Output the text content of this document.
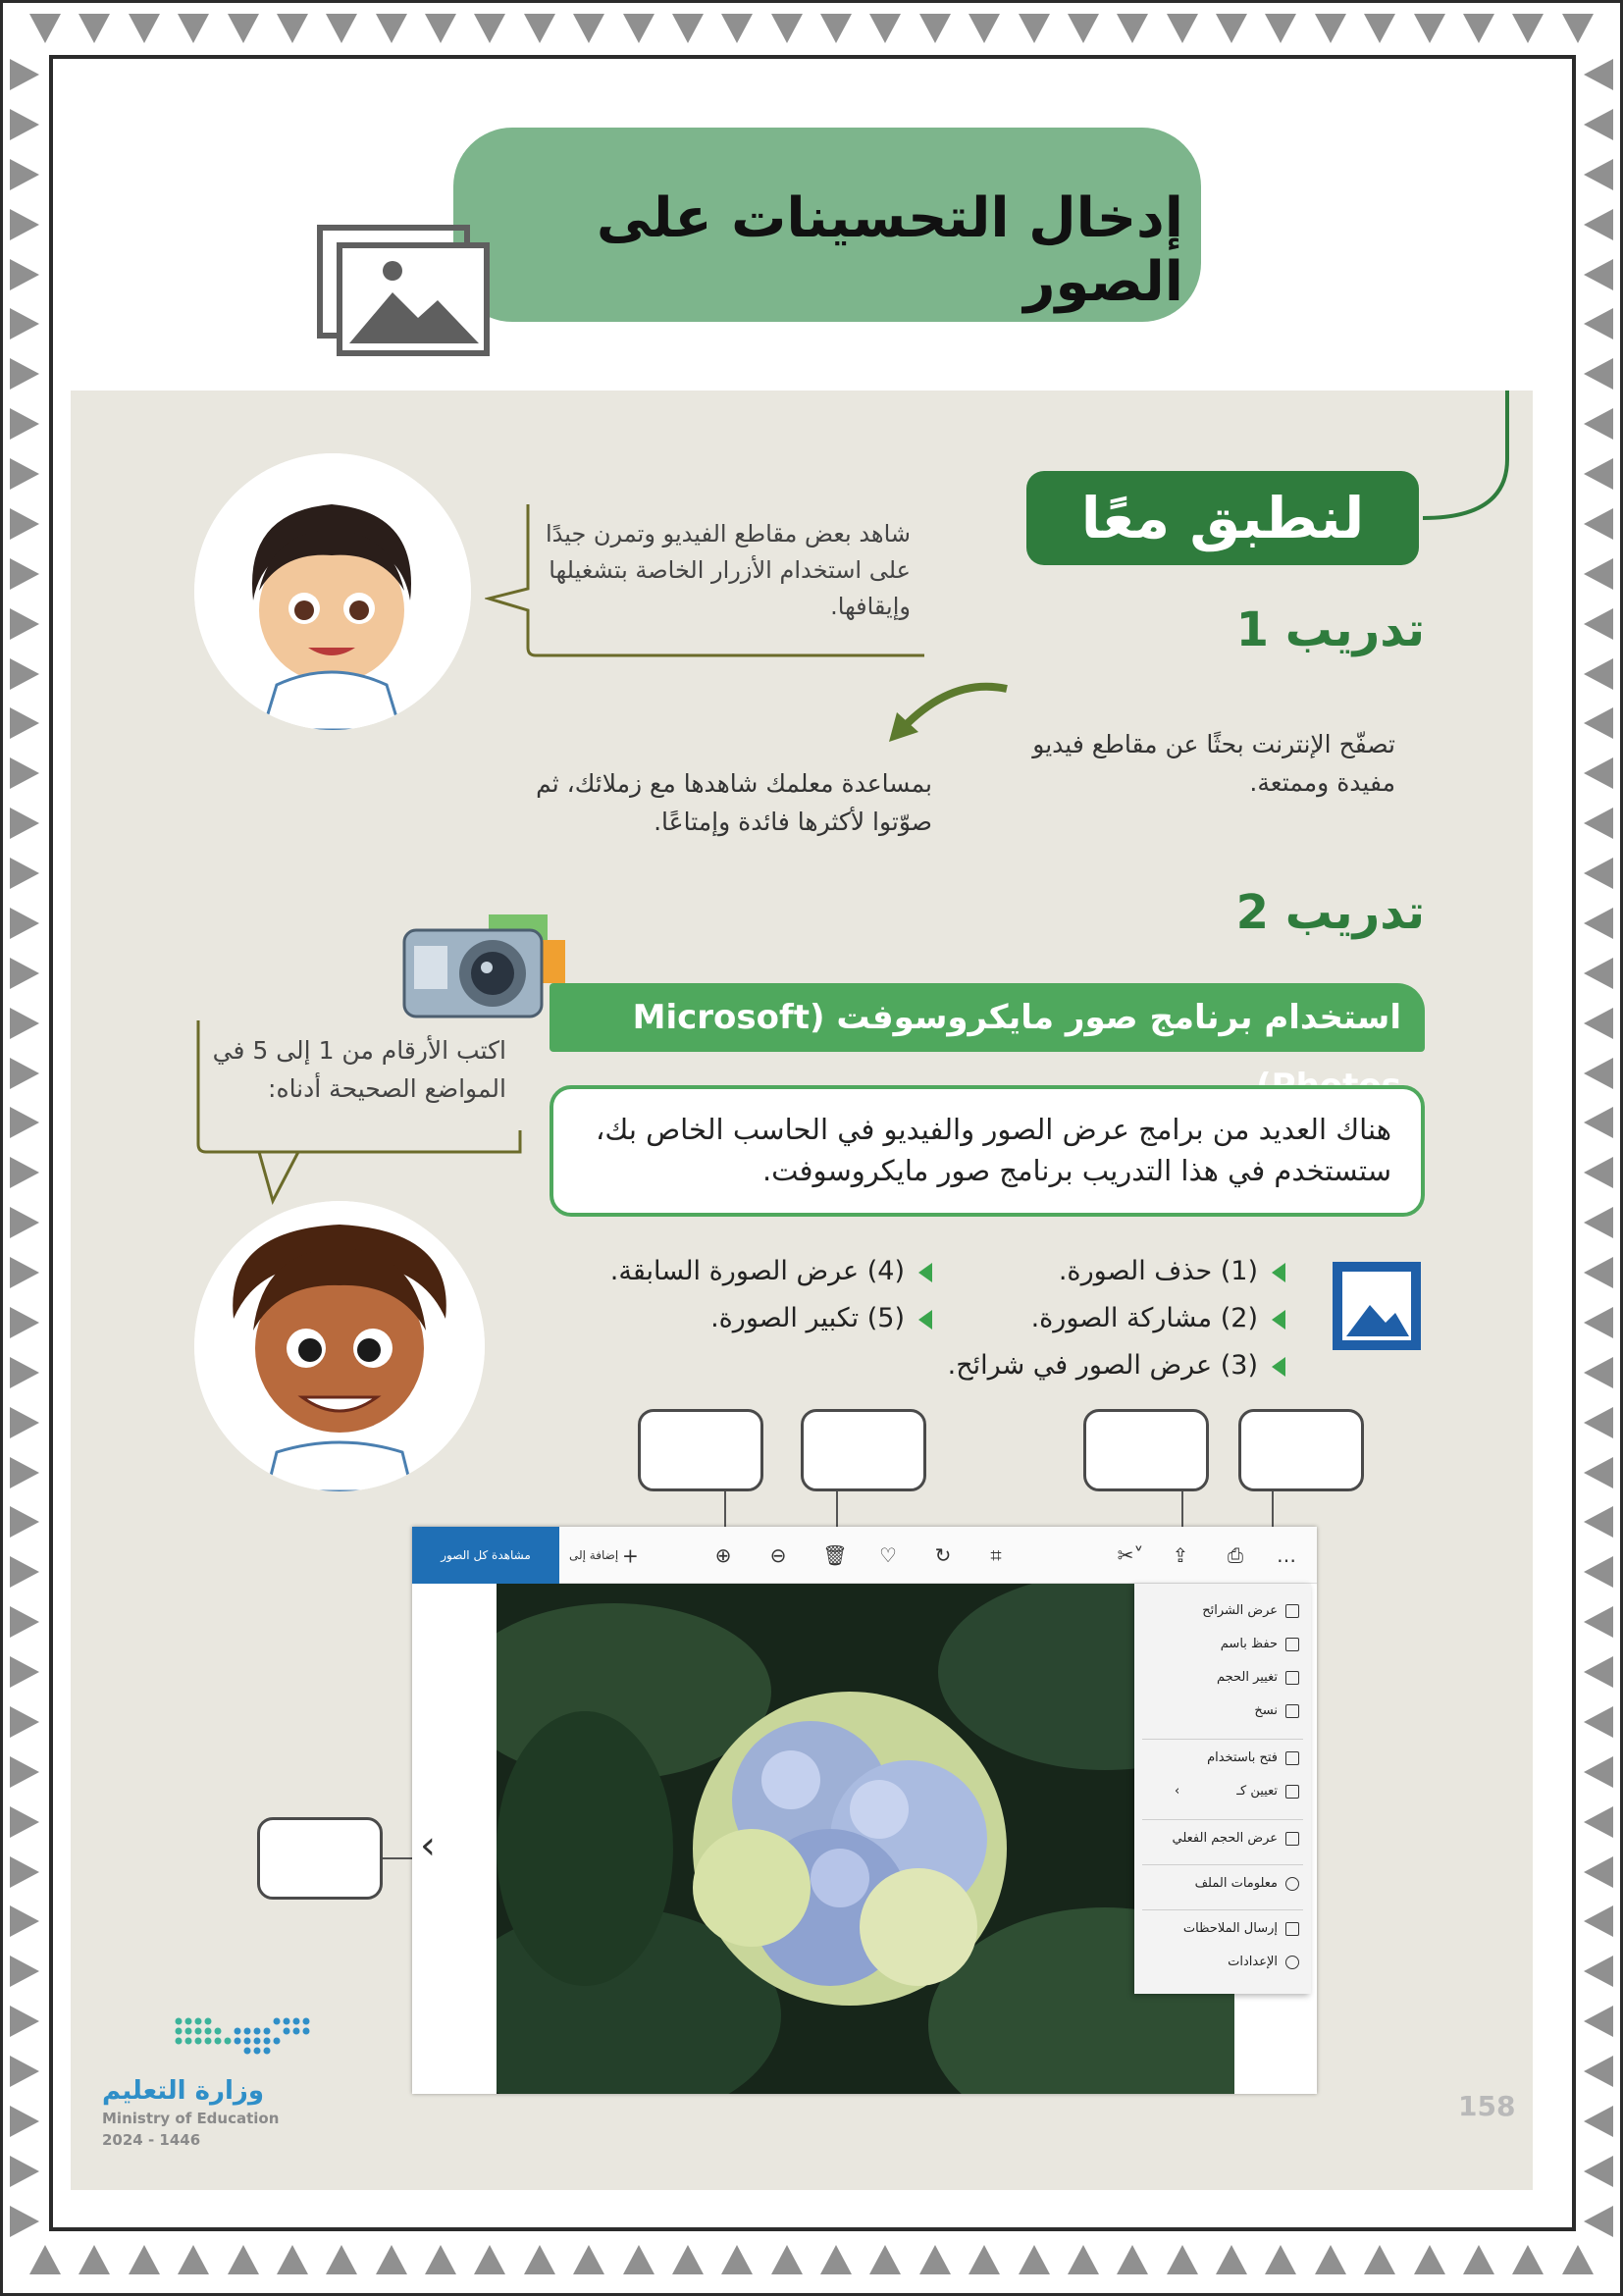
إدخال التحسينات على الصور
لنطبق معًا
تدريب 1
تصفّح الإنترنت بحثًا عن مقاطع فيديو مفيدة وممتعة.
بمساعدة معلمك شاهدها مع زملائك، ثم صوّتوا لأكثرها فائدة وإمتاعًا.
شاهد بعض مقاطع الفيديو وتمرن جيدًا على استخدام الأزرار الخاصة بتشغيلها وإيقافها.
تدريب 2
استخدام برنامج صور مايكروسوفت (Microsoft
هناك العديد من برامج عرض الصور والفيديو في الحاسب الخاص بك، ستستخدم في هذا التدريب برنامج صور مايكروسوفت.
اكتب الأرقام من 1 إلى 5 في المواضع الصحيحة أدناه:
(1) حذف الصورة.
(2) مشاركة الصورة.
(3) عرض الصور في شرائح.
(4) عرض الصورة السابقة.
(5) تكبير الصورة.
مشاهدة كل الصور	+ إضافة إلى	⊕ ⊖ 🗑 ♡ ↻	⌗	✂˅	⇪ ⎙ …
‹
عرض الشرائح
حفظ باسم
تغيير الحجم
نسخ
فتح باستخدام
تعيين كـ
›
عرض الحجم الفعلي
معلومات الملف
إرسال الملاحظات
الإعدادات
وزارة التعليم
Ministry of Education
2024 - 1446
158
